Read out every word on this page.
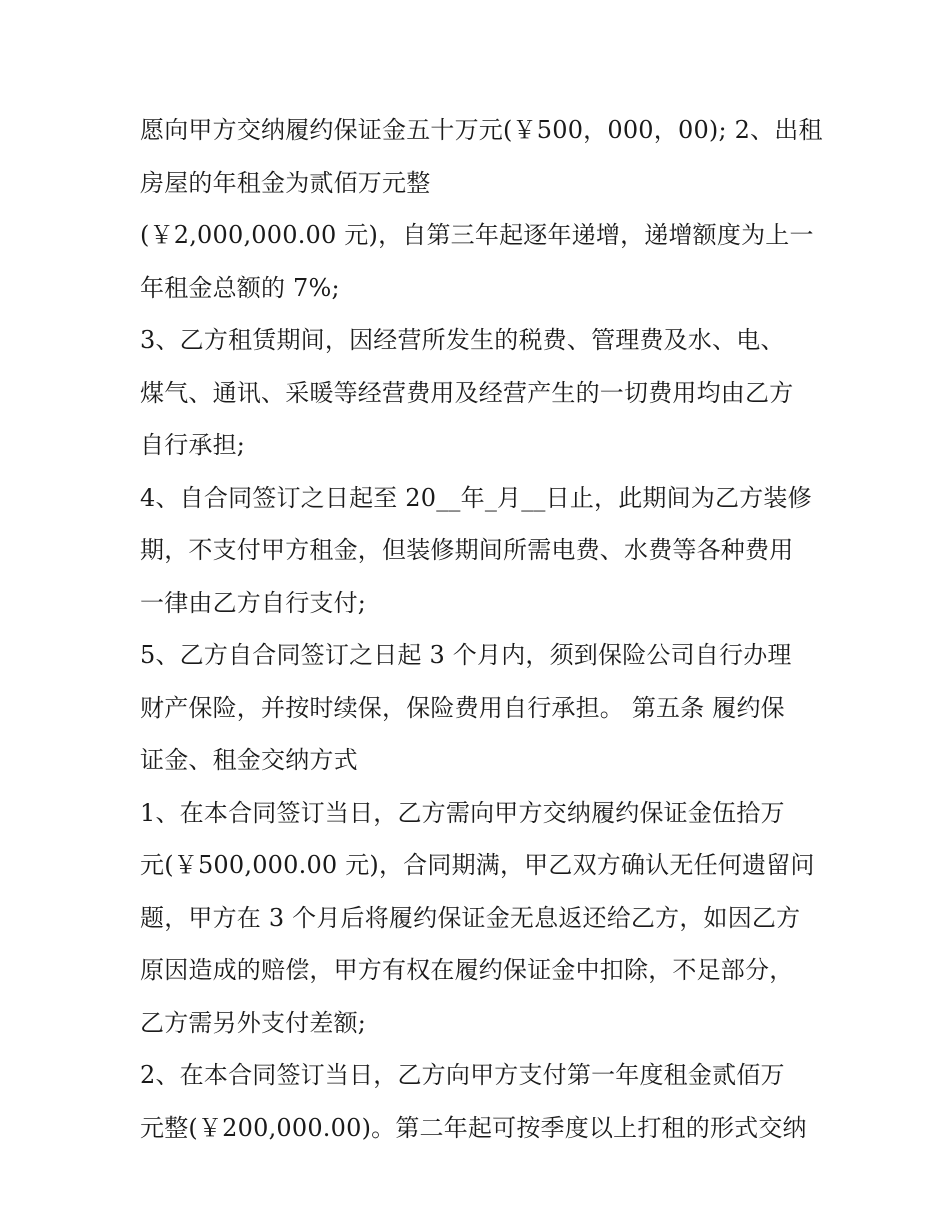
愿向甲方交纳履约保证金五十万元(￥500，000，00); 2、出租
房屋的年租金为贰佰万元整
(￥2,000,000.00 元)，自第三年起逐年递增，递增额度为上一
年租金总额的 7%;
3、乙方租赁期间，因经营所发生的税费、管理费及水、电、
煤气、通讯、采暖等经营费用及经营产生的一切费用均由乙方
自行承担;
4、自合同签订之日起至 20__年_月__日止，此期间为乙方装修
期，不支付甲方租金，但装修期间所需电费、水费等各种费用
一律由乙方自行支付;
5、乙方自合同签订之日起 3 个月内，须到保险公司自行办理
财产保险，并按时续保，保险费用自行承担。 第五条 履约保
证金、租金交纳方式
1、在本合同签订当日，乙方需向甲方交纳履约保证金伍拾万
元(￥500,000.00 元)，合同期满，甲乙双方确认无任何遗留问
题，甲方在 3 个月后将履约保证金无息返还给乙方，如因乙方
原因造成的赔偿，甲方有权在履约保证金中扣除，不足部分，
乙方需另外支付差额;
2、在本合同签订当日，乙方向甲方支付第一年度租金贰佰万
元整(￥200,000.00)。第二年起可按季度以上打租的形式交纳
